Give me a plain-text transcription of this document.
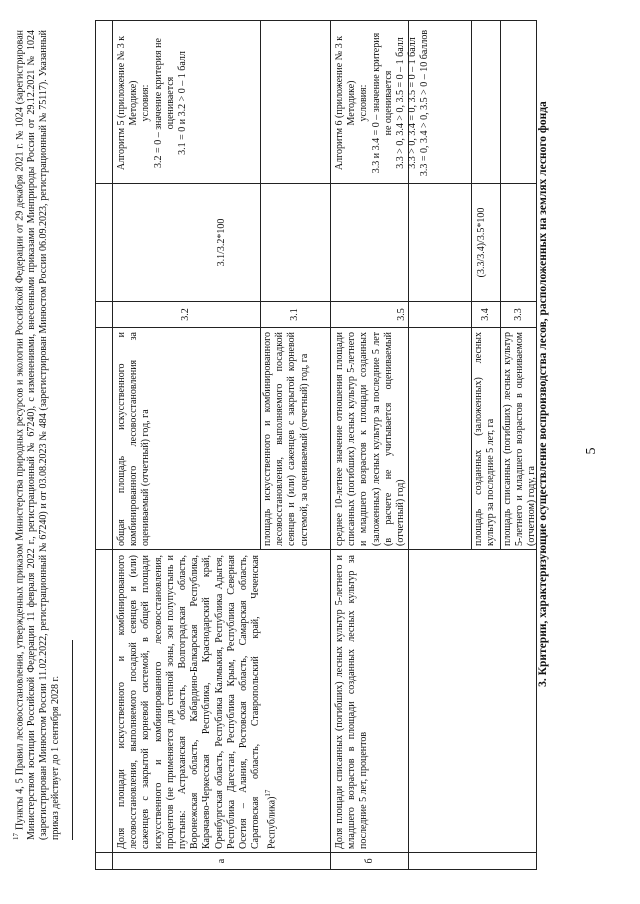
5
3. Критерии, характеризующие осуществление воспроизводства лесов, расположенных на землях лесного фонда
а
Доля площади искусственного и комбинированного лесовосстановления, выполняемого посадкой сеянцев и (или) саженцев с закрытой корневой системой, в общей площади искусственного и комбинированного лесовосстановления, процентов (не применяется для степной зоны, зон полупустынь и пустынь: Астраханская область, Волгоградская область, Воронежская область, Кабардино-Балкарская Республика, Карачаево-Черкесская Республика, Краснодарский край, Оренбургская область, Республика Калмыкия, Республика Адыгея, Республика Дагестан, Республика Крым, Республика Северная Осетия – Алания, Ростовская область, Самарская область, Саратовская область, Ставропольский край, Чеченская Республика)$^{17}$
площадь искусственного и комбинированного лесовосстановления, выполняемого посадкой сеянцев и (или) саженцев с закрытой корневой системой, за оцениваемый (отчетный) год, га
3.1
общая площадь искусственного и комбинированного лесовосстановления за оцениваемый (отчетный) год, га
3.2
3.1/3.2*100

Алгоритм 5 (приложение № 3 к Методике) условия: 3.2 = 0 – значение критерия не оценивается 3.1 = 0 и 3.2 > 0 – 1 балл

б
Доля площади списанных (погибших) лесных культур 5-летнего и младшего возрастов в площади созданных лесных культур за последние 5 лет, процентов
площадь списанных (погибших) лесных культур 5-летнего и младшего возрастов в оцениваемом (отчетном) году, га
3.3
площадь созданных (заложенных) лесных культур за последние 5 лет, га
3.4
среднее 10-летнее значение отношения площади списанных (погибших) лесных культур 5-летнего и младшего возрастов к площади созданных (заложенных) лесных культур за последние 5 лет (в расчете не учитывается оцениваемый (отчетный) год)
3.5
(3.3/3.4)/3.5*100

Алгоритм 6 (приложение № 3 к Методике) условия: 3.3 и 3.4 = 0 – значение критерия не оценивается 3.3 > 0, 3.4 > 0, 3.5 = 0 – 1 балл 3.3 > 0, 3.4 = 0, 3.5 = 0 – 1 балл 3.3 = 0, 3.4 > 0, 3.5 > 0 – 10 баллов

$^{17}$ Пункты 4, 5 Правил лесовосстановления, утвержденных приказом Министерства природных ресурсов и экологии Российской Федерации от 29 декабря 2021 г. № 1024 (зарегистрирован Министерством юстиции Российской Федерации 11 февраля 2022 г., регистрационный № 67240), с изменениями, внесенными приказами Минприроды России от 29.12.2021 № 1024 (зарегистрирован Минюстом России 11.02.2022, регистрационный № 67240) и от 03.08.2023 № 484 (зарегистрирован Минюстом России 06.09.2023, регистрационный № 75117). Указанный приказ действует до 1 сентября 2028 г.
